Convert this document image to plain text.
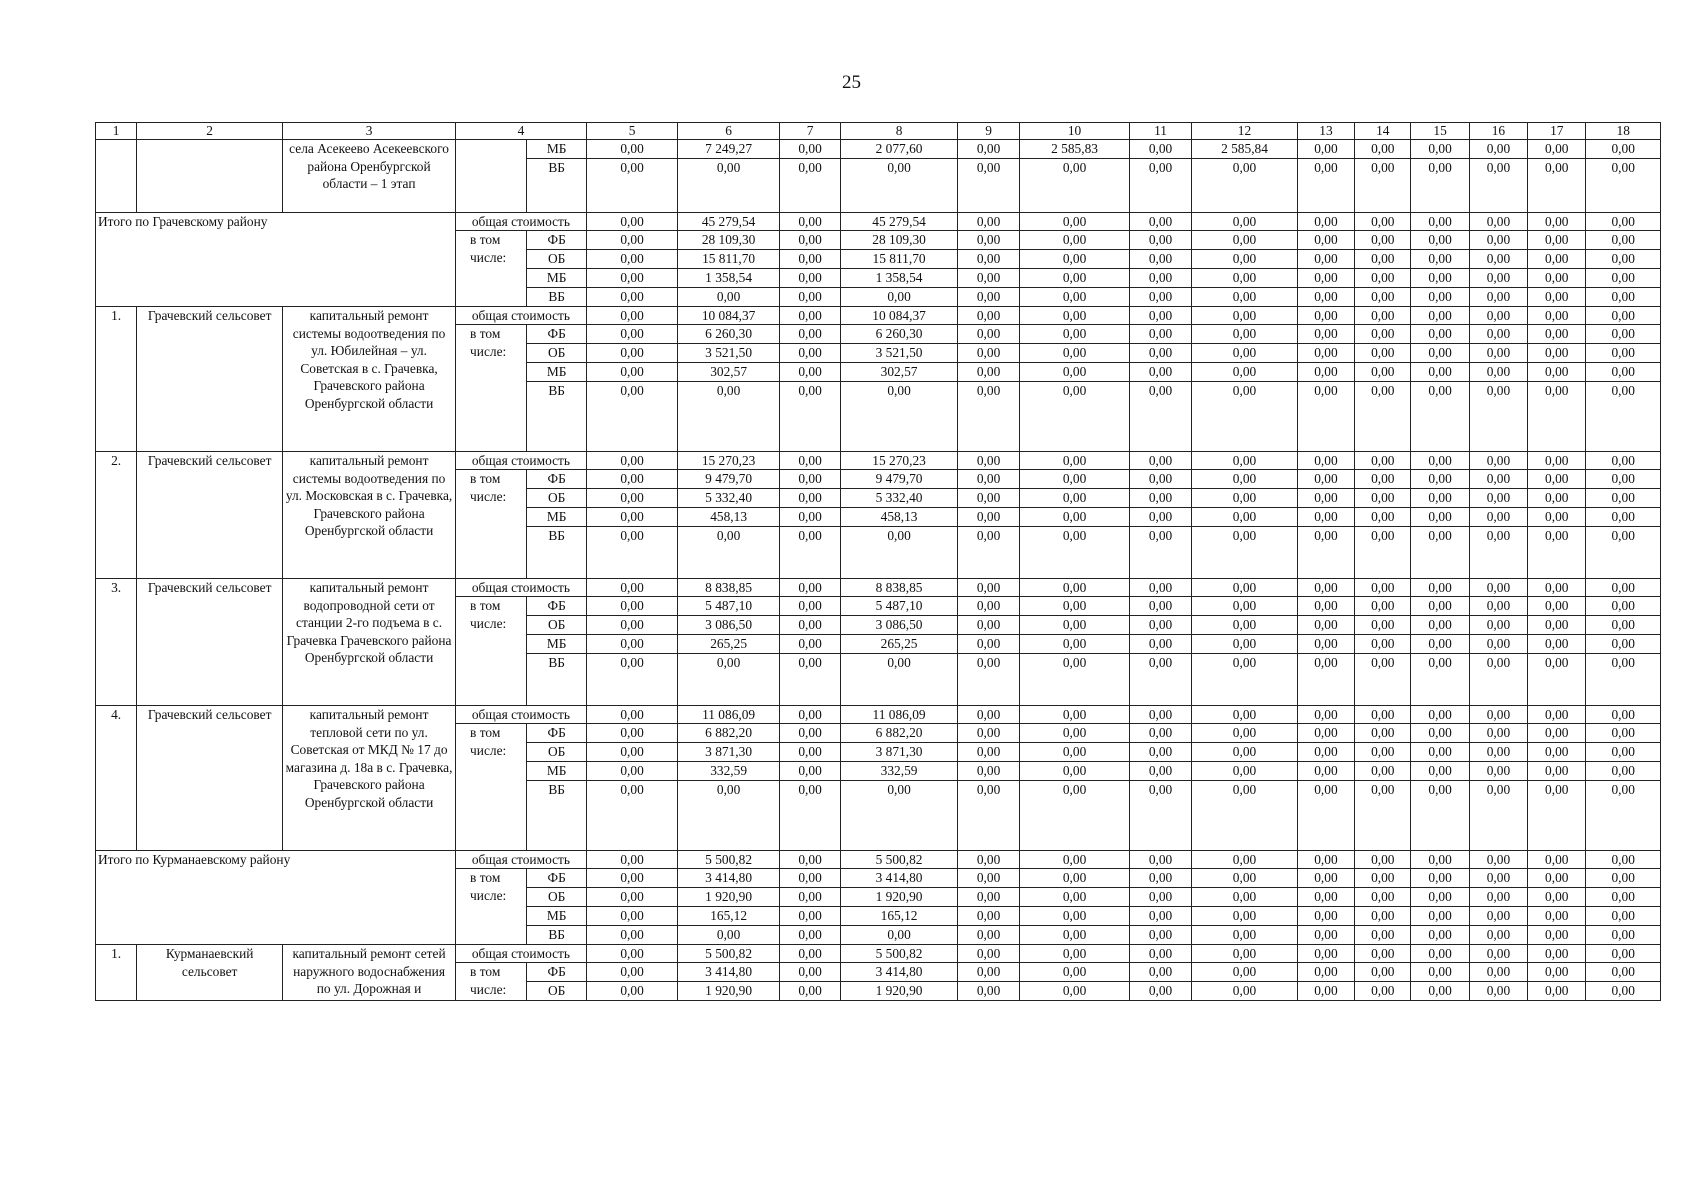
25
1	2	3	4		5	6	7	8	9	10	11	12	13	14	15	16	17	18
		села Асекеево Асекеевского района Оренбургской области – 1 этап		МБ	0,00	7 249,27	0,00	2 077,60	0,00	2 585,83	0,00	2 585,84	0,00	0,00	0,00	0,00	0,00	0,00
				ВБ	0,00	0,00	0,00	0,00	0,00	0,00	0,00	0,00	0,00	0,00	0,00	0,00	0,00	0,00
Итого по Грачевскому району			общая стоимость		0,00	45 279,54	0,00	45 279,54	0,00	0,00	0,00	0,00	0,00	0,00	0,00	0,00	0,00	0,00
			в том числе:	ФБ	0,00	28 109,30	0,00	28 109,30	0,00	0,00	0,00	0,00	0,00	0,00	0,00	0,00	0,00	0,00
				ОБ	0,00	15 811,70	0,00	15 811,70	0,00	0,00	0,00	0,00	0,00	0,00	0,00	0,00	0,00	0,00
				МБ	0,00	1 358,54	0,00	1 358,54	0,00	0,00	0,00	0,00	0,00	0,00	0,00	0,00	0,00	0,00
				ВБ	0,00	0,00	0,00	0,00	0,00	0,00	0,00	0,00	0,00	0,00	0,00	0,00	0,00	0,00
1.	Грачевский сельсовет	капитальный ремонт системы водоотведения по ул. Юбилейная – ул. Советская в с. Грачевка, Грачевского района Оренбургской области	общая стоимость		0,00	10 084,37	0,00	10 084,37	0,00	0,00	0,00	0,00	0,00	0,00	0,00	0,00	0,00	0,00
			в том числе:	ФБ	0,00	6 260,30	0,00	6 260,30	0,00	0,00	0,00	0,00	0,00	0,00	0,00	0,00	0,00	0,00
				ОБ	0,00	3 521,50	0,00	3 521,50	0,00	0,00	0,00	0,00	0,00	0,00	0,00	0,00	0,00	0,00
				МБ	0,00	302,57	0,00	302,57	0,00	0,00	0,00	0,00	0,00	0,00	0,00	0,00	0,00	0,00
				ВБ	0,00	0,00	0,00	0,00	0,00	0,00	0,00	0,00	0,00	0,00	0,00	0,00	0,00	0,00
2.	Грачевский сельсовет	капитальный ремонт системы водоотведения по ул. Московская в с. Грачевка, Грачевского района Оренбургской области	общая стоимость		0,00	15 270,23	0,00	15 270,23	0,00	0,00	0,00	0,00	0,00	0,00	0,00	0,00	0,00	0,00
			в том числе:	ФБ	0,00	9 479,70	0,00	9 479,70	0,00	0,00	0,00	0,00	0,00	0,00	0,00	0,00	0,00	0,00
				ОБ	0,00	5 332,40	0,00	5 332,40	0,00	0,00	0,00	0,00	0,00	0,00	0,00	0,00	0,00	0,00
				МБ	0,00	458,13	0,00	458,13	0,00	0,00	0,00	0,00	0,00	0,00	0,00	0,00	0,00	0,00
				ВБ	0,00	0,00	0,00	0,00	0,00	0,00	0,00	0,00	0,00	0,00	0,00	0,00	0,00	0,00
3.	Грачевский сельсовет	капитальный ремонт водопроводной сети от станции 2-го подъема в с. Грачевка Грачевского района Оренбургской области	общая стоимость		0,00	8 838,85	0,00	8 838,85	0,00	0,00	0,00	0,00	0,00	0,00	0,00	0,00	0,00	0,00
			в том числе:	ФБ	0,00	5 487,10	0,00	5 487,10	0,00	0,00	0,00	0,00	0,00	0,00	0,00	0,00	0,00	0,00
				ОБ	0,00	3 086,50	0,00	3 086,50	0,00	0,00	0,00	0,00	0,00	0,00	0,00	0,00	0,00	0,00
				МБ	0,00	265,25	0,00	265,25	0,00	0,00	0,00	0,00	0,00	0,00	0,00	0,00	0,00	0,00
				ВБ	0,00	0,00	0,00	0,00	0,00	0,00	0,00	0,00	0,00	0,00	0,00	0,00	0,00	0,00
4.	Грачевский сельсовет	капитальный ремонт тепловой сети по ул. Советская от МКД № 17 до магазина д. 18а в с. Грачевка, Грачевского района Оренбургской области	общая стоимость		0,00	11 086,09	0,00	11 086,09	0,00	0,00	0,00	0,00	0,00	0,00	0,00	0,00	0,00	0,00
			в том числе:	ФБ	0,00	6 882,20	0,00	6 882,20	0,00	0,00	0,00	0,00	0,00	0,00	0,00	0,00	0,00	0,00
				ОБ	0,00	3 871,30	0,00	3 871,30	0,00	0,00	0,00	0,00	0,00	0,00	0,00	0,00	0,00	0,00
				МБ	0,00	332,59	0,00	332,59	0,00	0,00	0,00	0,00	0,00	0,00	0,00	0,00	0,00	0,00
				ВБ	0,00	0,00	0,00	0,00	0,00	0,00	0,00	0,00	0,00	0,00	0,00	0,00	0,00	0,00
Итого по Курманаевскому району			общая стоимость		0,00	5 500,82	0,00	5 500,82	0,00	0,00	0,00	0,00	0,00	0,00	0,00	0,00	0,00	0,00
			в том числе:	ФБ	0,00	3 414,80	0,00	3 414,80	0,00	0,00	0,00	0,00	0,00	0,00	0,00	0,00	0,00	0,00
				ОБ	0,00	1 920,90	0,00	1 920,90	0,00	0,00	0,00	0,00	0,00	0,00	0,00	0,00	0,00	0,00
				МБ	0,00	165,12	0,00	165,12	0,00	0,00	0,00	0,00	0,00	0,00	0,00	0,00	0,00	0,00
				ВБ	0,00	0,00	0,00	0,00	0,00	0,00	0,00	0,00	0,00	0,00	0,00	0,00	0,00	0,00
1.	Курманаевский сельсовет	капитальный ремонт сетей наружного водоснабжения по ул. Дорожная и	общая стоимость		0,00	5 500,82	0,00	5 500,82	0,00	0,00	0,00	0,00	0,00	0,00	0,00	0,00	0,00	0,00
			в том числе:	ФБ	0,00	3 414,80	0,00	3 414,80	0,00	0,00	0,00	0,00	0,00	0,00	0,00	0,00	0,00	0,00
				ОБ	0,00	1 920,90	0,00	1 920,90	0,00	0,00	0,00	0,00	0,00	0,00	0,00	0,00	0,00	0,00
